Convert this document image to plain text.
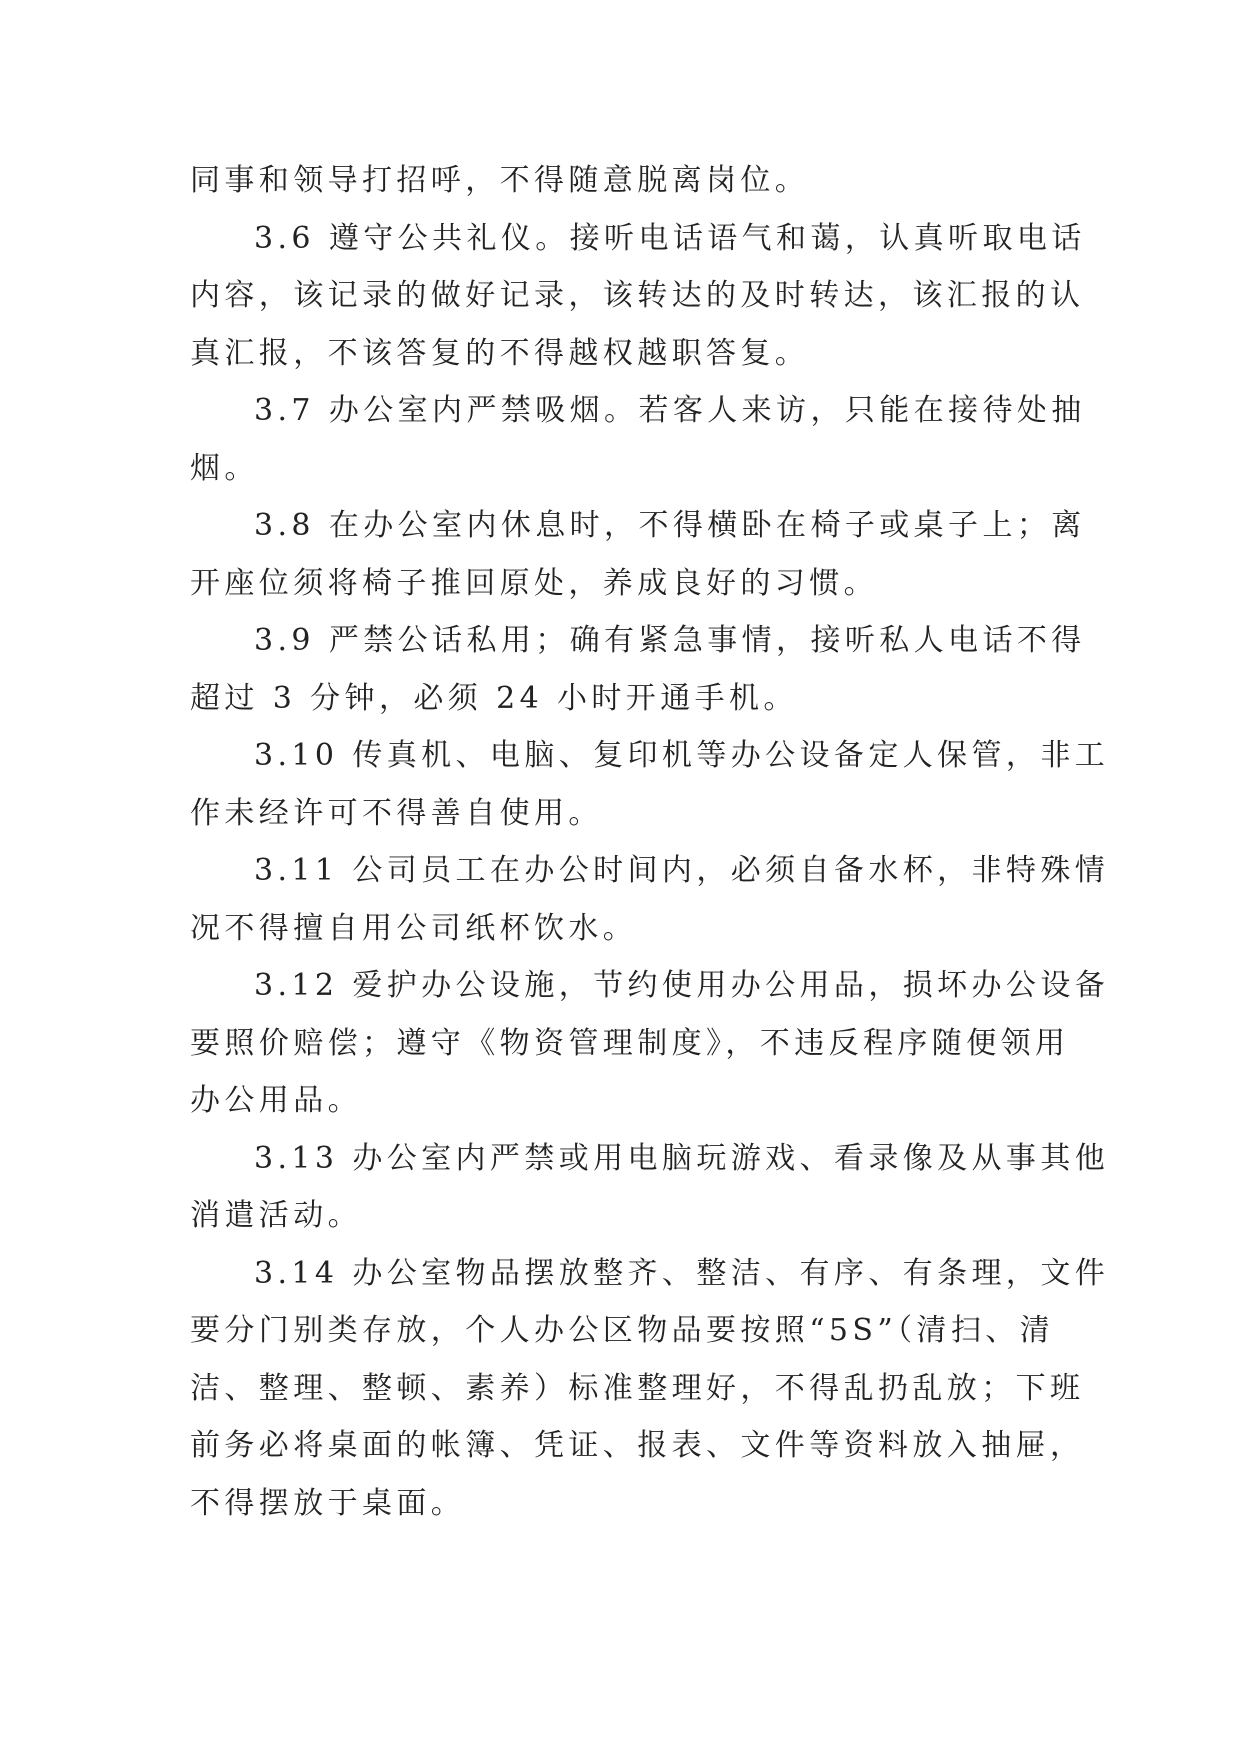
同事和领导打招呼，不得随意脱离岗位。

3.6 遵守公共礼仪。接听电话语气和蔼，认真听取电话
内容，该记录的做好记录，该转达的及时转达，该汇报的认
真汇报，不该答复的不得越权越职答复。

3.7 办公室内严禁吸烟。若客人来访，只能在接待处抽
烟。

3.8 在办公室内休息时，不得横卧在椅子或桌子上；离
开座位须将椅子推回原处，养成良好的习惯。

3.9 严禁公话私用；确有紧急事情，接听私人电话不得
超过 3 分钟，必须 24 小时开通手机。

3.10 传真机、电脑、复印机等办公设备定人保管，非工
作未经许可不得善自使用。

3.11 公司员工在办公时间内，必须自备水杯，非特殊情
况不得擅自用公司纸杯饮水。

3.12 爱护办公设施，节约使用办公用品，损坏办公设备
要照价赔偿；遵守《物资管理制度》，不违反程序随便领用
办公用品。

3.13 办公室内严禁或用电脑玩游戏、看录像及从事其他
消遣活动。

3.14 办公室物品摆放整齐、整洁、有序、有条理，文件
要分门别类存放，个人办公区物品要按照“5S”（清扫、清
洁、整理、整顿、素养）标准整理好，不得乱扔乱放；下班
前务必将桌面的帐簿、凭证、报表、文件等资料放入抽屉，
不得摆放于桌面。
